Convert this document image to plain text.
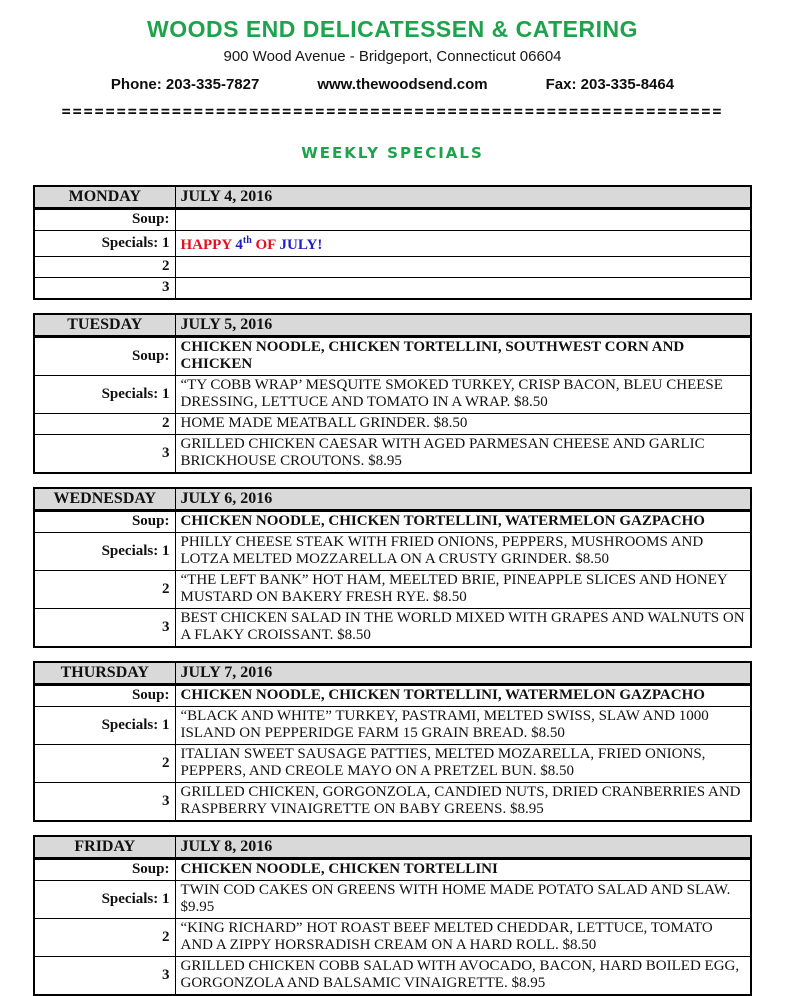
WOODS END DELICATESSEN & CATERING
900 Wood Avenue - Bridgeport, Connecticut 06604
Phone: 203-335-7827	www.thewoodsend.com	Fax: 203-335-8464
============================================================
WEEKLY SPECIALS
MONDAY	JULY 4, 2016
Soup:	
Specials: 1	HAPPY 4th OF JULY!
2	
3	
TUESDAY	JULY 5, 2016
Soup:	CHICKEN NOODLE, CHICKEN TORTELLINI, SOUTHWEST CORN AND CHICKEN
Specials: 1	“TY COBB WRAP’ MESQUITE SMOKED TURKEY, CRISP BACON, BLEU CHEESE DRESSING, LETTUCE AND TOMATO IN A WRAP. $8.50
2	HOME MADE MEATBALL GRINDER. $8.50
3	GRILLED CHICKEN CAESAR WITH AGED PARMESAN CHEESE AND GARLIC BRICKHOUSE CROUTONS. $8.95
WEDNESDAY	JULY 6, 2016
Soup:	CHICKEN NOODLE, CHICKEN TORTELLINI, WATERMELON GAZPACHO
Specials: 1	PHILLY CHEESE STEAK WITH FRIED ONIONS, PEPPERS, MUSHROOMS AND LOTZA MELTED MOZZARELLA ON A CRUSTY GRINDER. $8.50
2	“THE LEFT BANK” HOT HAM, MEELTED BRIE, PINEAPPLE SLICES AND HONEY MUSTARD ON BAKERY FRESH RYE. $8.50
3	BEST CHICKEN SALAD IN THE WORLD MIXED WITH GRAPES AND WALNUTS ON A FLAKY CROISSANT. $8.50
THURSDAY	JULY 7, 2016
Soup:	CHICKEN NOODLE, CHICKEN TORTELLINI, WATERMELON GAZPACHO
Specials: 1	“BLACK AND WHITE” TURKEY, PASTRAMI, MELTED SWISS, SLAW AND 1000 ISLAND ON PEPPERIDGE FARM 15 GRAIN BREAD. $8.50
2	ITALIAN SWEET SAUSAGE PATTIES, MELTED MOZARELLA, FRIED ONIONS, PEPPERS, AND CREOLE MAYO ON A PRETZEL BUN. $8.50
3	GRILLED CHICKEN, GORGONZOLA, CANDIED NUTS, DRIED CRANBERRIES AND RASPBERRY VINAIGRETTE ON BABY GREENS. $8.95
FRIDAY	JULY 8, 2016
Soup:	CHICKEN NOODLE, CHICKEN TORTELLINI
Specials: 1	TWIN COD CAKES ON GREENS WITH HOME MADE POTATO SALAD AND SLAW. $9.95
2	“KING RICHARD” HOT ROAST BEEF MELTED CHEDDAR, LETTUCE, TOMATO AND A ZIPPY HORSRADISH CREAM ON A HARD ROLL. $8.50
3	GRILLED CHICKEN COBB SALAD WITH AVOCADO, BACON, HARD BOILED EGG, GORGONZOLA AND BALSAMIC VINAIGRETTE. $8.95
